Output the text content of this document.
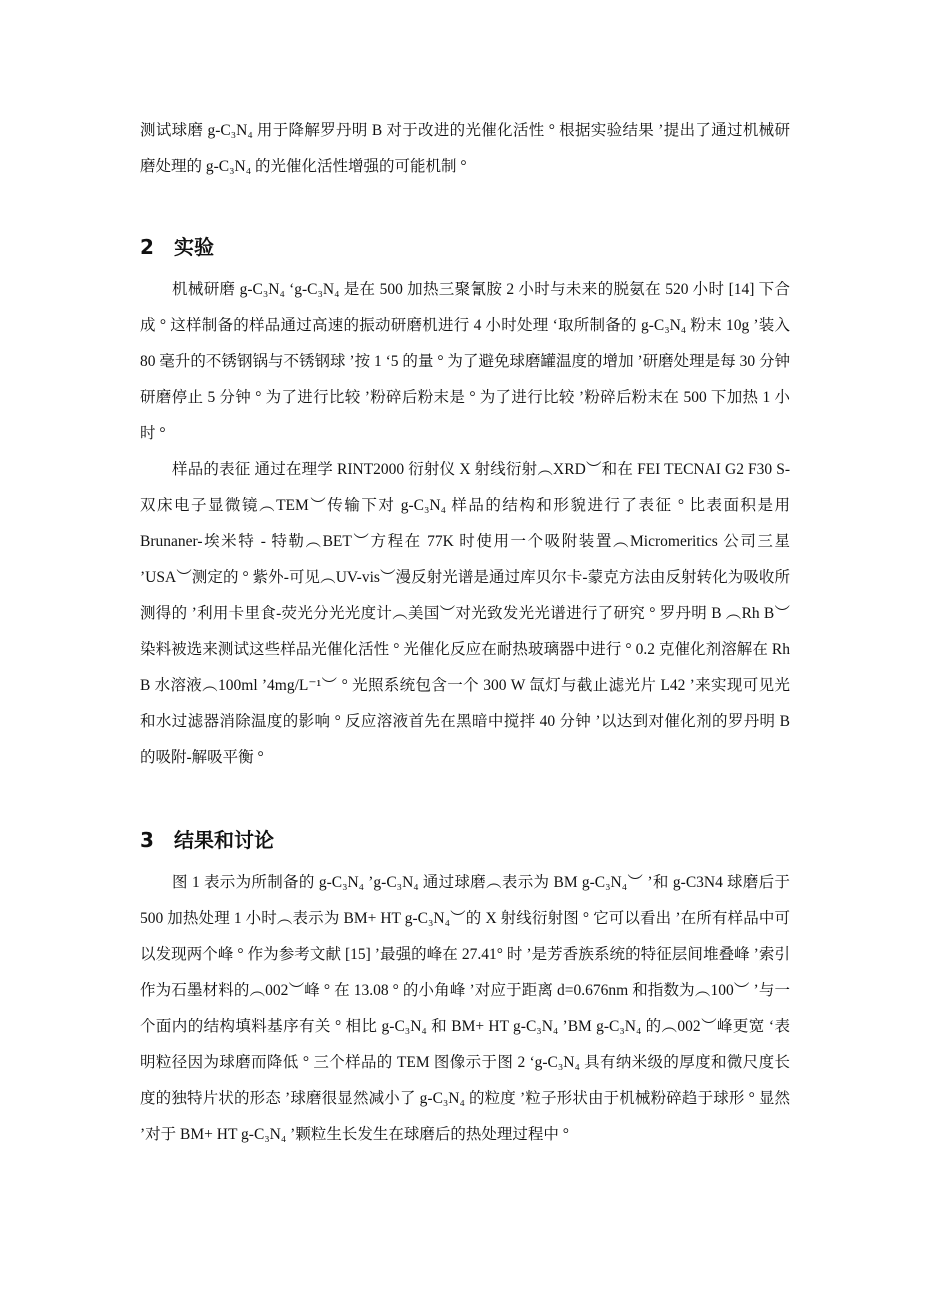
测试球磨 g-C₃N₄ 用于降解罗丹明 B 对于改进的光催化活性 ° 根据实验结果 ’提出了通过机械研磨处理的 g-C₃N₄ 的光催化活性增强的可能机制 °

2 实验

机械研磨 g-C₃N₄ ‘g-C₃N₄ 是在 500 加热三聚氰胺 2 小时与未来的脱氨在 520 小时 [14] 下合成 ° 这样制备的样品通过高速的振动研磨机进行 4 小时处理 ‘取所制备的 g-C₃N₄ 粉末 10g ’装入 80 毫升的不锈钢锅与不锈钢球 ’按 1 ‘5 的量 ° 为了避免球磨罐温度的增加 ’研磨处理是每 30 分钟研磨停止 5 分钟 ° 为了进行比较 ’粉碎后粉末是 ° 为了进行比较 ’粉碎后粉末在 500 下加热 1 小时 °

样品的表征 通过在理学 RINT2000 衍射仪 X 射线衍射︵XRD︶和在 FEI TECNAI G2 F30 S-双床电子显微镜︵TEM︶传输下对 g-C₃N₄ 样品的结构和形貌进行了表征 ° 比表面积是用 Brunaner-埃米特 - 特勒︵BET︶方程在 77K 时使用一个吸附装置︵Micromeritics 公司三星 ’USA︶测定的 ° 紫外-可见︵UV-vis︶漫反射光谱是通过库贝尔卡-蒙克方法由反射转化为吸收所测得的 ’利用卡里食-荧光分光光度计︵美国︶对光致发光光谱进行了研究 ° 罗丹明 B ︵Rh B︶染料被选来测试这些样品光催化活性 ° 光催化反应在耐热玻璃器中进行 ° 0.2 克催化剂溶解在 Rh B 水溶液︵100ml ’4mg/L⁻¹︶ ° 光照系统包含一个 300 W 氙灯与截止滤光片 L42 ’来实现可见光和水过滤器消除温度的影响 ° 反应溶液首先在黑暗中搅拌 40 分钟 ’以达到对催化剂的罗丹明 B 的吸附-解吸平衡 °

3 结果和讨论

图 1 表示为所制备的 g-C₃N₄ ’g-C₃N₄ 通过球磨︵表示为 BM g-C₃N₄︶ ’和 g-C3N4 球磨后于 500 加热处理 1 小时︵表示为 BM+ HT g-C₃N₄︶的 X 射线衍射图 ° 它可以看出 ’在所有样品中可以发现两个峰 ° 作为参考文献 [15] ’最强的峰在 27.41° 时 ’是芳香族系统的特征层间堆叠峰 ’索引作为石墨材料的︵002︶峰 ° 在 13.08 ° 的小角峰 ’对应于距离 d=0.676nm 和指数为︵100︶ ’与一个面内的结构填料基序有关 ° 相比 g-C₃N₄ 和 BM+ HT g-C₃N₄ ’BM g-C₃N₄ 的︵002︶峰更宽 ‘表明粒径因为球磨而降低 ° 三个样品的 TEM 图像示于图 2 ‘g-C₃N₄ 具有纳米级的厚度和微尺度长度的独特片状的形态 ’球磨很显然减小了 g-C₃N₄ 的粒度 ’粒子形状由于机械粉碎趋于球形 ° 显然 ’对于 BM+ HT g-C₃N₄ ’颗粒生长发生在球磨后的热处理过程中 °
